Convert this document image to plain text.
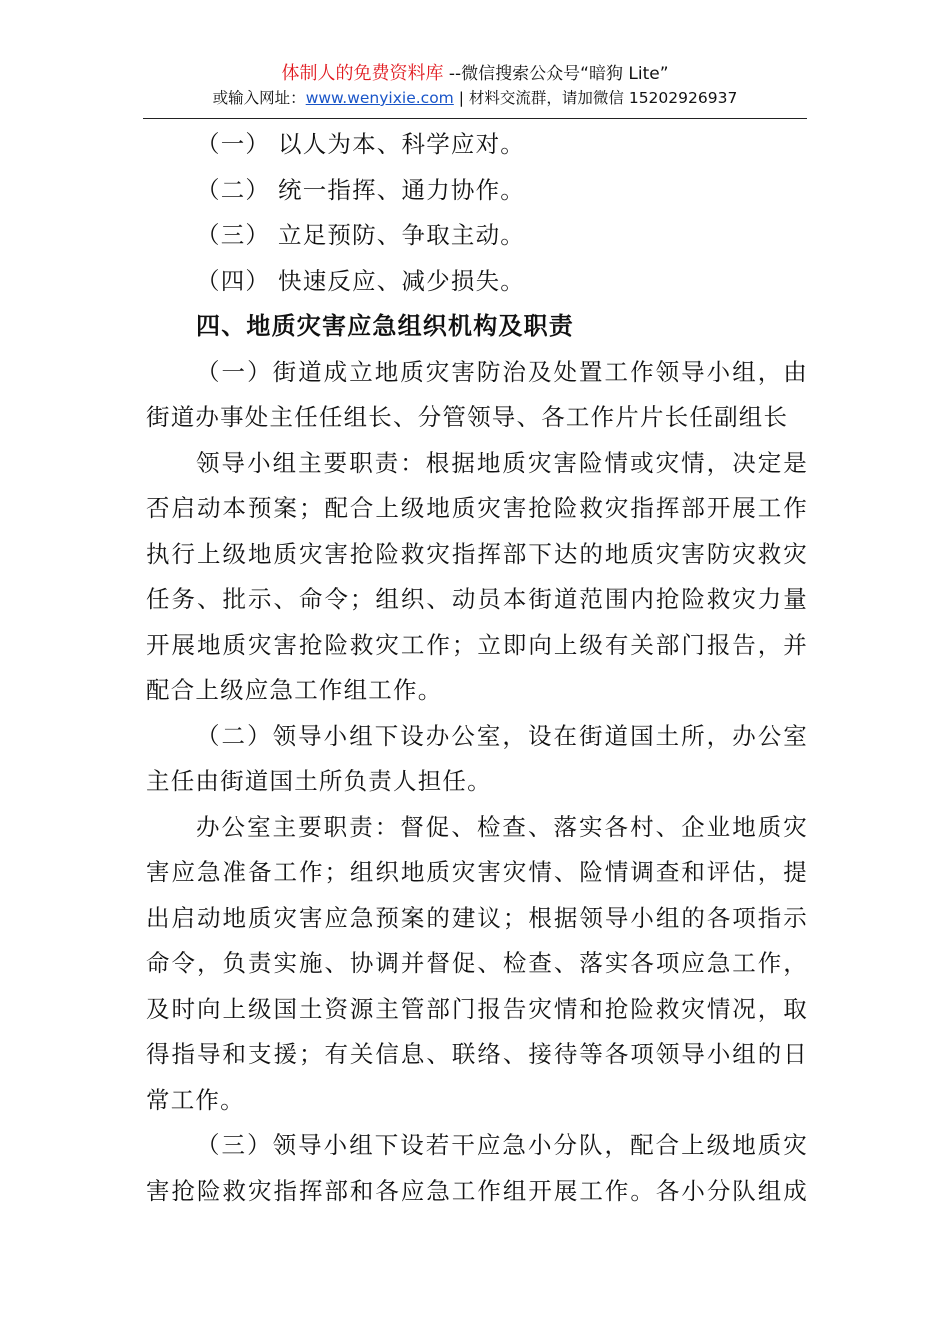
体制人的免费资料库 --微信搜索公众号“暗狗 Lite”
或输入网址：www.wenyixie.com | 材料交流群，请加微信 15202926937
（一） 以人为本、科学应对。
（二） 统一指挥、通力协作。
（三） 立足预防、争取主动。
（四） 快速反应、减少损失。
四、地质灾害应急组织机构及职责
（一）街道成立地质灾害防治及处置工作领导小组，由
街道办事处主任任组长、分管领导、各工作片片长任副组长
领导小组主要职责：根据地质灾害险情或灾情，决定是
否启动本预案；配合上级地质灾害抢险救灾指挥部开展工作
执行上级地质灾害抢险救灾指挥部下达的地质灾害防灾救灾
任务、批示、命令；组织、动员本街道范围内抢险救灾力量
开展地质灾害抢险救灾工作；立即向上级有关部门报告，并
配合上级应急工作组工作。
（二）领导小组下设办公室，设在街道国土所，办公室
主任由街道国土所负责人担任。
办公室主要职责：督促、检查、落实各村、企业地质灾
害应急准备工作；组织地质灾害灾情、险情调查和评估，提
出启动地质灾害应急预案的建议；根据领导小组的各项指示
命令，负责实施、协调并督促、检查、落实各项应急工作，
及时向上级国土资源主管部门报告灾情和抢险救灾情况，取
得指导和支援；有关信息、联络、接待等各项领导小组的日
常工作。
（三）领导小组下设若干应急小分队，配合上级地质灾
害抢险救灾指挥部和各应急工作组开展工作。各小分队组成
